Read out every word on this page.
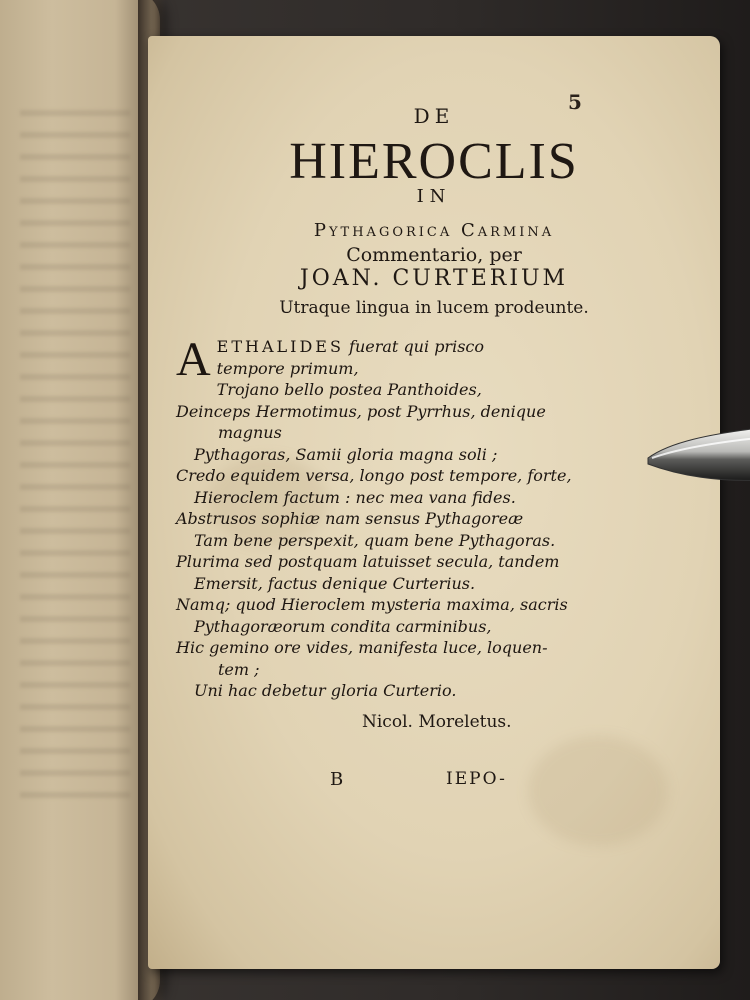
5
DE
HIEROCLIS
IN
Pythagorica Carmina
Commentario, per
JOAN. CURTERIUM
Utraque lingua in lucem prodeunte.
A ETHALIDES fuerat qui prisco
tempore primum,
Trojano bello postea Panthoides,
Deinceps Hermotimus, post Pyrrhus, denique
magnus
Pythagoras, Samii gloria magna soli ;
Credo equidem versa, longo post tempore, forte,
Hieroclem factum : nec mea vana fides.
Abstrusos sophiæ nam sensus Pythagoreæ
Tam bene perspexit, quam bene Pythagoras.
Plurima sed postquam latuisset secula, tandem
Emersit, factus denique Curterius.
Namq; quod Hieroclem mysteria maxima, sacris
Pythagoræorum condita carminibus,
Hic gemino ore vides, manifesta luce, loquen-
tem ;
Uni hac debetur gloria Curterio.
Nicol. Moreletus.
B	IEPO-
